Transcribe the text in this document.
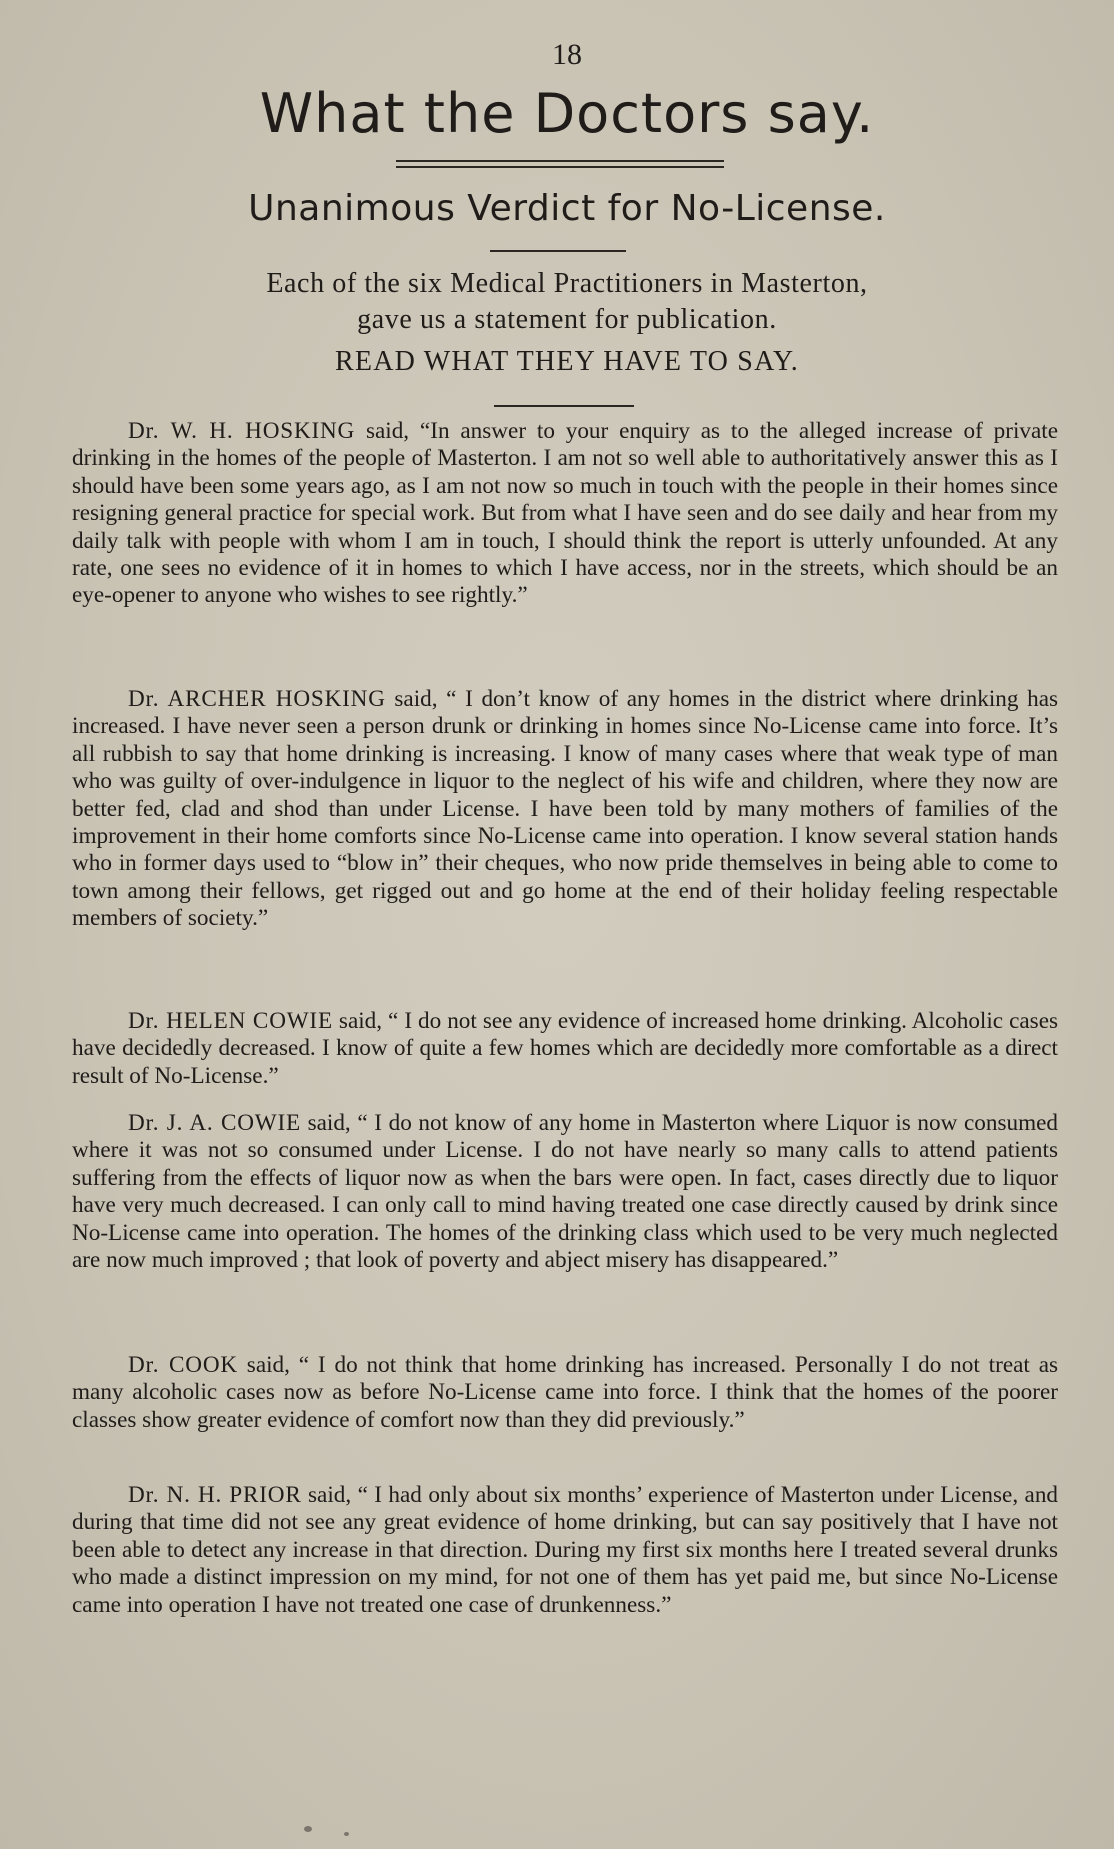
18
What the Doctors say.
Unanimous Verdict for No-License.
Each of the six Medical Practitioners in Masterton,
gave us a statement for publication.
READ WHAT THEY HAVE TO SAY.

Dr. W. H. HOSKING said, “In answer to your enquiry as to the alleged increase of private drinking in the homes of the people of Masterton. I am not so well able to authoritatively answer this as I should have been some years ago, as I am not now so much in touch with the people in their homes since resigning general practice for special work. But from what I have seen and do see daily and hear from my daily talk with people with whom I am in touch, I should think the report is utterly unfounded. At any rate, one sees no evidence of it in homes to which I have access, nor in the streets, which should be an eye-opener to anyone who wishes to see rightly.”

Dr. ARCHER HOSKING said, “ I don’t know of any homes in the district where drinking has increased. I have never seen a person drunk or drinking in homes since No-License came into force. It’s all rubbish to say that home drinking is increasing. I know of many cases where that weak type of man who was guilty of over-indulgence in liquor to the neglect of his wife and children, where they now are better fed, clad and shod than under License. I have been told by many mothers of families of the improvement in their home comforts since No-License came into operation. I know several station hands who in former days used to “blow in” their cheques, who now pride themselves in being able to come to town among their fellows, get rigged out and go home at the end of their holiday feeling respectable members of society.”

Dr. HELEN COWIE said, “ I do not see any evidence of increased home drinking. Alcoholic cases have decidedly decreased. I know of quite a few homes which are decidedly more comfortable as a direct result of No-License.”

Dr. J. A. COWIE said, “ I do not know of any home in Masterton where Liquor is now consumed where it was not so consumed under License. I do not have nearly so many calls to attend patients suffering from the effects of liquor now as when the bars were open. In fact, cases directly due to liquor have very much decreased. I can only call to mind having treated one case directly caused by drink since No-License came into operation. The homes of the drinking class which used to be very much neglected are now much improved ; that look of poverty and abject misery has disappeared.”

Dr. COOK said, “ I do not think that home drinking has increased. Personally I do not treat as many alcoholic cases now as before No-License came into force. I think that the homes of the poorer classes show greater evidence of comfort now than they did previously.”

Dr. N. H. PRIOR said, “ I had only about six months’ experience of Masterton under License, and during that time did not see any great evidence of home drinking, but can say positively that I have not been able to detect any increase in that direction. During my first six months here I treated several drunks who made a distinct impression on my mind, for not one of them has yet paid me, but since No-License came into operation I have not treated one case of drunkenness.”
